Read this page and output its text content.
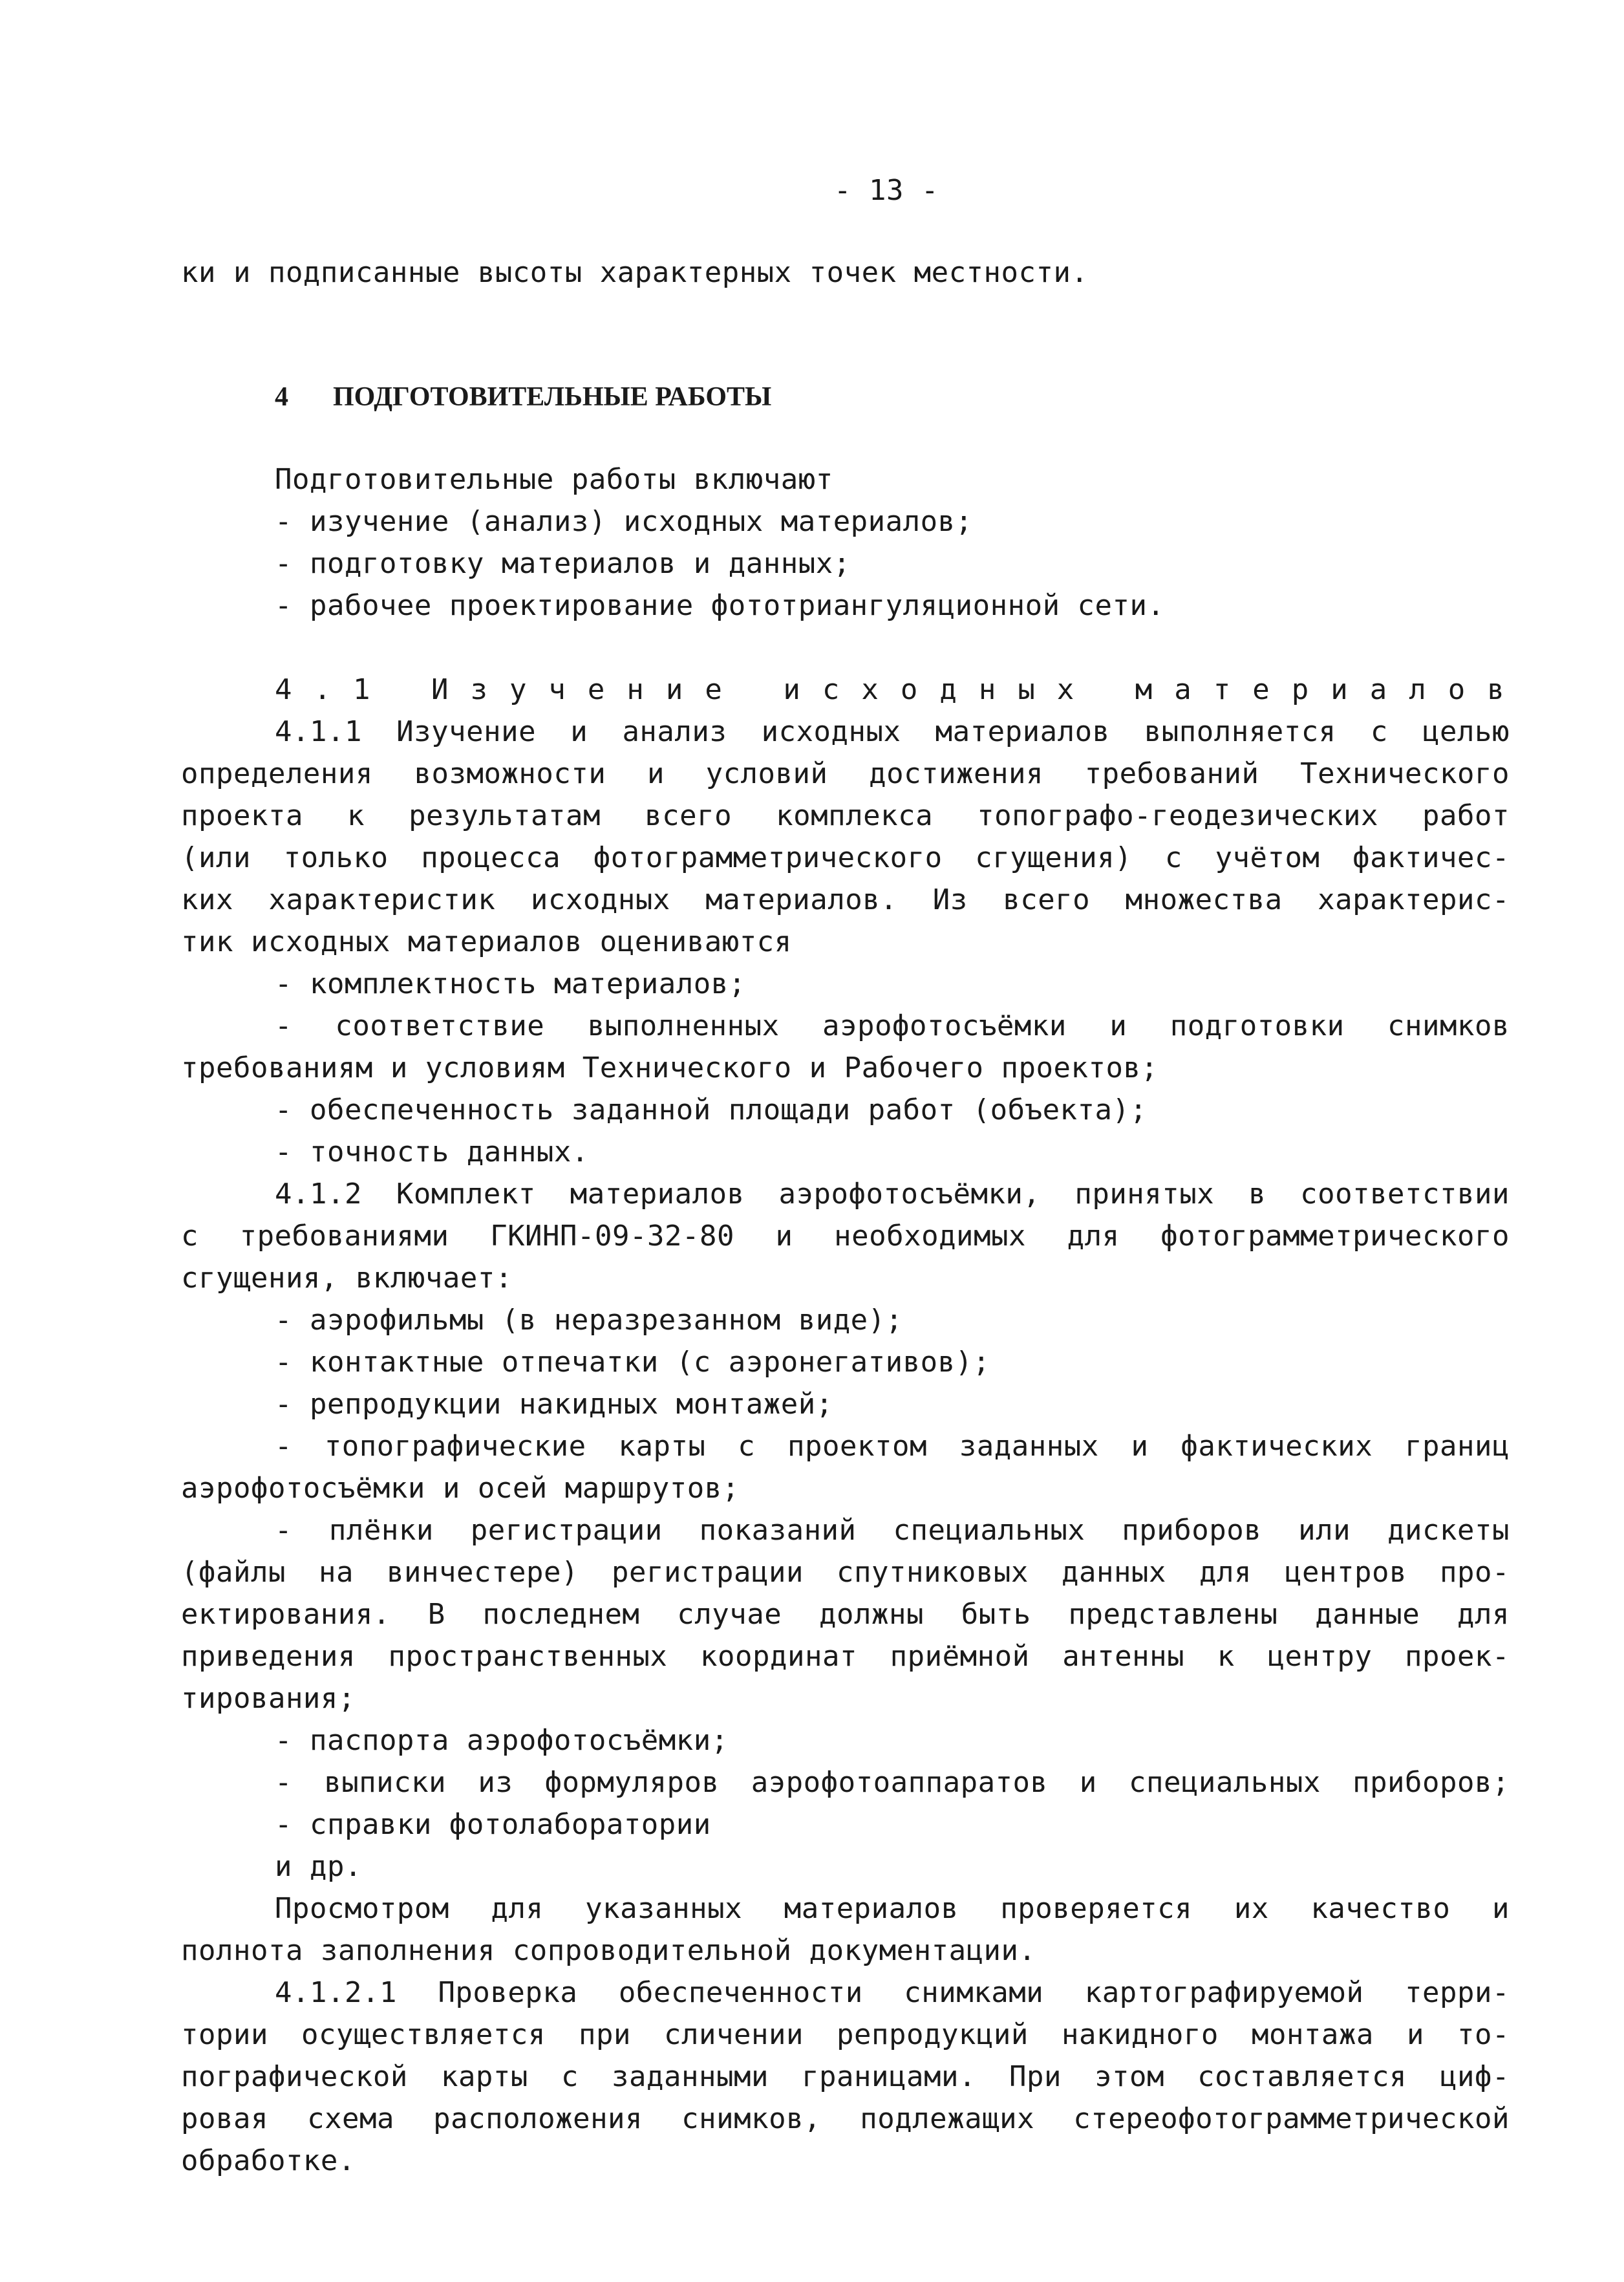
- 13 -
ки и подписанные высоты характерных точек местности.
4 ПОДГОТОВИТЕЛЬНЫЕ РАБОТЫ
Подготовительные работы включают
- изучение (анализ) исходных материалов;
- подготовку материалов и данных;
- рабочее проектирование фототриангуляционной сети.
4.1 Изучение исходных материалов
4.1.1 Изучение и анализ исходных материалов выполняется с целью
определения возможности и условий достижения требований Технического
проекта к результатам всего комплекса топографо-геодезических работ
(или только процесса фотограмметрического сгущения) с учётом фактичес-
ких характеристик исходных материалов. Из всего множества характерис-
тик исходных материалов оцениваются
- комплектность материалов;
- соответствие выполненных аэрофотосъёмки и подготовки снимков
требованиям и условиям Технического и Рабочего проектов;
- обеспеченность заданной площади работ (объекта);
- точность данных.
4.1.2 Комплект материалов аэрофотосъёмки, принятых в соответствии
с требованиями ГКИНП-09-32-80 и необходимых для фотограмметрического
сгущения, включает:
- аэрофильмы (в неразрезанном виде);
- контактные отпечатки (с аэронегативов);
- репродукции накидных монтажей;
- топографические карты с проектом заданных и фактических границ
аэрофотосъёмки и осей маршрутов;
- плёнки регистрации показаний специальных приборов или дискеты
(файлы на винчестере) регистрации спутниковых данных для центров про-
ектирования. В последнем случае должны быть представлены данные для
приведения пространственных координат приёмной антенны к центру проек-
тирования;
- паспорта аэрофотосъёмки;
- выписки из формуляров аэрофотоаппаратов и специальных приборов;
- справки фотолаборатории
и др.
Просмотром для указанных материалов проверяется их качество и
полнота заполнения сопроводительной документации.
4.1.2.1 Проверка обеспеченности снимками картографируемой терри-
тории осуществляется при сличении репродукций накидного монтажа и то-
пографической карты с заданными границами. При этом составляется циф-
ровая схема расположения снимков, подлежащих стереофотограмметрической
обработке.
